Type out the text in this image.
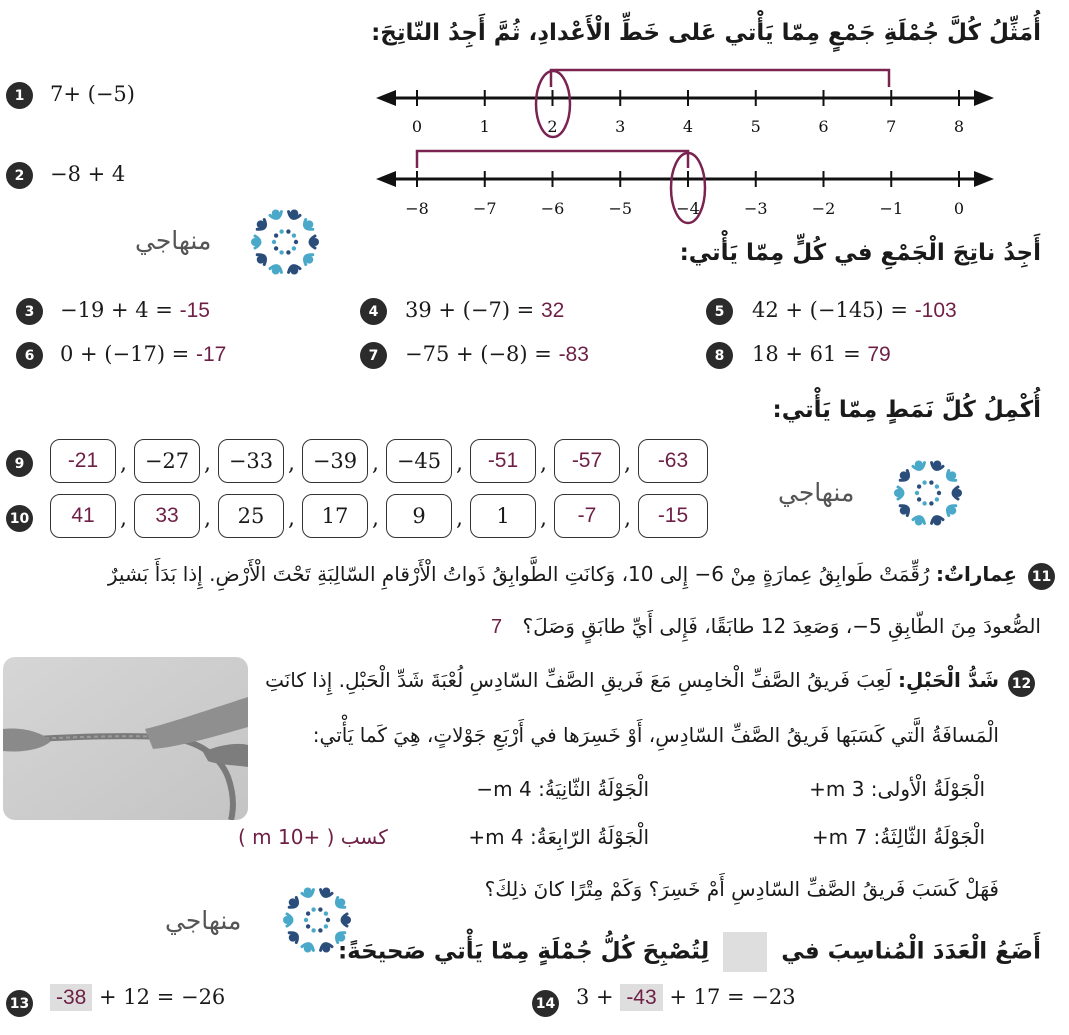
أُمَثِّلُ كُلَّ جُمْلَةِ جَمْعٍ مِمّا يَأْتي عَلى خَطِّ الْأَعْدادِ، ثُمَّ أَجِدُ النّاتِجَ:
1	7+ (−5)
2	−8 + 4
0	1	2	3	4	5	6	7	8
−8	−7	−6	−5	−4	−3	−2	−1	0
منهاجي	أَجِدُ ناتِجَ الْجَمْعِ في كُلٍّ مِمّا يَأْتي:
3	−19 + 4 = -15	4	39 + (−7) = 32	5	42 + (−145) = -103
6	0 + (−17) = -17	7	−75 + (−8) = -83	8	18 + 61 = 79
أُكْمِلُ كُلَّ نَمَطٍ مِمّا يَأْتي:
9	-21 , −27 , −33 , −39 , −45 ,	-51 ,	-57 ,	-63
10	41	,	33	,	25	,	17	,	9	,	1	,	-7	,	-15
منهاجي
11
عِماراتٌ: رُقِّمَتْ طَوابِقُ عِمارَةٍ مِنْ 6− إِلى 10، وَكانَتِ الطَّوابِقُ ذَواتُ الْأَرْقامِ السّالِبَةِ تَحْتَ الْأَرْضِ. إِذا بَدَأَ بَشيرٌ
الصُّعودَ مِنَ الطّابِقِ 5−، وَصَعِدَ 12 طابَقًا، فَإِلى أَيِّ طابَقٍ وَصَلَ؟ 7
12
شَدُّ الْحَبْلِ: لَعِبَ فَريقُ الصَّفِّ الْخامِسِ مَعَ فَريقِ الصَّفِّ السّادِسِ لُعْبَةَ شَدِّ الْحَبْلِ. إِذا كانَتِ
الْمَسافَةُ الَّتي كَسَبَها فَريقُ الصَّفِّ السّادِسِ، أَوْ خَسِرَها في أَرْبَعِ جَوْلاتٍ، هِيَ كَما يَأْتي:
الْجَوْلَةُ الْأولى: 3 m+
الْجَوْلَةُ الثّانِيَةُ: 4 m−
الْجَوْلَةُ الثّالِثَةُ: 7 m+
الْجَوْلَةُ الرّابِعَةُ: 4 m+
كسب ( +10 m )
فَهَلْ كَسَبَ فَريقُ الصَّفِّ السّادِسِ أَمْ خَسِرَ؟ وَكَمْ مِتْرًا كانَ ذلِكَ؟
منهاجي
أَضَعُ الْعَدَدَ الْمُناسِبَ في  لِتُصْبِحَ كُلُّ جُمْلَةٍ مِمّا يَأْتي صَحيحَةً:
13 -38 + 12 = −26	14 3 + -43 + 17 = −23
